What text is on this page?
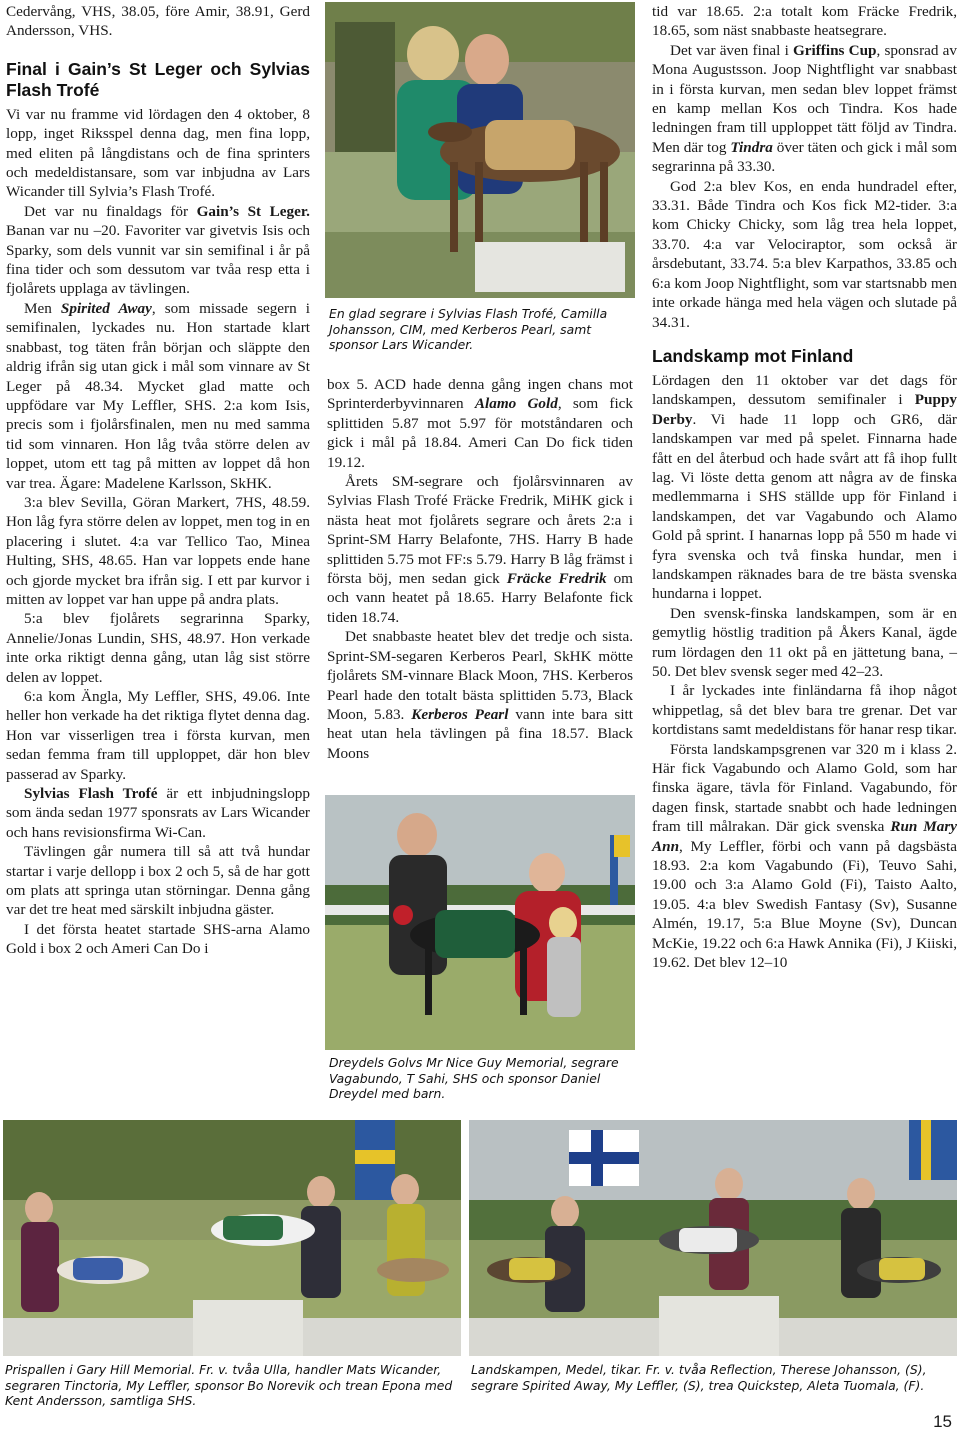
Cedervång, VHS, 38.05, före Amir, 38.91, Gerd Andersson, VHS.

Final i Gain’s St Leger och Sylvias Flash Trofé

Vi var nu framme vid lördagen den 4 oktober, 8 lopp, inget Riksspel denna dag, men fina lopp, med eliten på långdistans och de fina sprinters och medeldistansare, som var inbjudna av Lars Wicander till Sylvia’s Flash Trofé.

Det var nu finaldags för Gain’s St Leger. Banan var nu –20. Favoriter var givetvis Isis och Sparky, som dels vunnit var sin semifinal i år på fina tider och som dessutom var tvåa resp etta i fjolårets upplaga av tävlingen.

Men Spirited Away, som missade segern i semifinalen, lyckades nu. Hon startade klart snabbast, tog täten från början och släppte den aldrig ifrån sig utan gick i mål som vinnare av St Leger på 48.34. Mycket glad matte och uppfödare var My Leffler, SHS. 2:a kom Isis, precis som i fjolårsfinalen, men nu med samma tid som vinnaren. Hon låg tvåa större delen av loppet, utom ett tag på mitten av loppet då hon var trea. Ägare: Madelene Karlsson, SkHK.

3:a blev Sevilla, Göran Markert, 7HS, 48.59. Hon låg fyra större delen av loppet, men tog in en placering i slutet. 4:a var Tellico Tao, Minea Hulting, SHS, 48.65. Han var loppets ende hane och gjorde mycket bra ifrån sig. I ett par kurvor i mitten av loppet var han uppe på andra plats.

5:a blev fjolårets segrarinna Sparky, Annelie/Jonas Lundin, SHS, 48.97. Hon verkade inte orka riktigt denna gång, utan låg sist större delen av loppet.

6:a kom Ängla, My Leffler, SHS, 49.06. Inte heller hon verkade ha det riktiga flytet denna dag. Hon var visserligen trea i första kurvan, men sedan femma fram till upploppet, där hon blev passerad av Sparky.

Sylvias Flash Trofé är ett inbjudningslopp som ända sedan 1977 sponsrats av Lars Wicander och hans revisionsfirma Wi-Can.

Tävlingen går numera till så att två hundar startar i varje dellopp i box 2 och 5, så de har gott om plats att springa utan störningar. Denna gång var det tre heat med särskilt inbjudna gäster.

I det första heatet startade SHS-arna Alamo Gold i box 2 och Ameri Can Do i

En glad segrare i Sylvias Flash Trofé, Camilla Johansson, CIM, med Kerberos Pearl, samt sponsor Lars Wicander.

box 5. ACD hade denna gång ingen chans mot Sprinterderbyvinnaren Alamo Gold, som fick splittiden 5.87 mot 5.97 för motståndaren och gick i mål på 18.84. Ameri Can Do fick tiden 19.12.

Årets SM-segrare och fjolårsvinnaren av Sylvias Flash Trofé Fräcke Fredrik, MiHK gick i nästa heat mot fjolårets segrare och årets 2:a i Sprint-SM Harry Belafonte, 7HS. Harry B hade splittiden 5.75 mot FF:s 5.79. Harry B låg främst i första böj, men sedan gick Fräcke Fredrik om och vann heatet på 18.65. Harry Belafonte fick tiden 18.74.

Det snabbaste heatet blev det tredje och sista. Sprint-SM-segaren Kerberos Pearl, SkHK mötte fjolårets SM-vinnare Black Moon, 7HS. Kerberos Pearl hade den totalt bästa splittiden 5.73, Black Moon, 5.83. Kerberos Pearl vann inte bara sitt heat utan hela tävlingen på fina 18.57. Black Moons

Dreydels Golvs Mr Nice Guy Memorial, segrare Vagabundo, T Sahi, SHS och sponsor Daniel Dreydel med barn.

tid var 18.65. 2:a totalt kom Fräcke Fredrik, 18.65, som näst snabbaste heatsegrare.

Det var även final i Griffins Cup, sponsrad av Mona Augustsson. Joop Nightflight var snabbast in i första kurvan, men sedan blev loppet främst en kamp mellan Kos och Tindra. Kos hade ledningen fram till upploppet tätt följd av Tindra. Men där tog Tindra över täten och gick i mål som segrarinna på 33.30.

God 2:a blev Kos, en enda hundradel efter, 33.31. Både Tindra och Kos fick M2-tider. 3:a kom Chicky Chicky, som låg trea hela loppet, 33.70. 4:a var Velociraptor, som också är årsdebutant, 33.74. 5:a blev Karpathos, 33.85 och 6:a kom Joop Nightflight, som var startsnabb men inte orkade hänga med hela vägen och slutade på 34.31.

Landskamp mot Finland

Lördagen den 11 oktober var det dags för landskampen, dessutom semifinaler i Puppy Derby. Vi hade 11 lopp och GR6, där landskampen var med på spelet. Finnarna hade fått en del återbud och hade svårt att få ihop fullt lag. Vi löste detta genom att några av de finska medlemmarna i SHS ställde upp för Finland i landskampen, det var Vagabundo och Alamo Gold på sprint. I hanarnas lopp på 550 m hade vi fyra svenska och två finska hundar, men i landskampen räknades bara de tre bästa svenska hundarna i loppet.

Den svensk-finska landskampen, som är en gemytlig höstlig tradition på Åkers Kanal, ägde rum lördagen den 11 okt på en jättetung bana, –50. Det blev svensk seger med 42–23.

I år lyckades inte finländarna få ihop något whippetlag, så det blev bara tre grenar. Det var kortdistans samt medeldistans för hanar resp tikar.

Första landskampsgrenen var 320 m i klass 2. Här fick Vagabundo och Alamo Gold, som har finska ägare, tävla för Finland. Vagabundo, för dagen finsk, startade snabbt och hade ledningen fram till målrakan. Där gick svenska Run Mary Ann, My Leffler, förbi och vann på dagsbästa 18.93. 2:a kom Vagabundo (Fi), Teuvo Sahi, 19.00 och 3:a Alamo Gold (Fi), Taisto Aalto, 19.05. 4:a blev Swedish Fantasy (Sv), Susanne Almén, 19.17, 5:a Blue Moyne (Sv), Duncan McKie, 19.22 och 6:a Hawk Annika (Fi), J Kiiski, 19.62. Det blev 12–10

Prispallen i Gary Hill Memorial. Fr. v. tvåa Ulla, handler Mats Wicander, segraren Tinctoria, My Leffler, sponsor Bo Norevik och trean Epona med Kent Andersson, samtliga SHS.
Landskampen, Medel, tikar. Fr. v. tvåa Reflection, Therese Johansson, (S), segrare Spirited Away, My Leffler, (S), trea Quickstep, Aleta Tuomala, (F).
15
